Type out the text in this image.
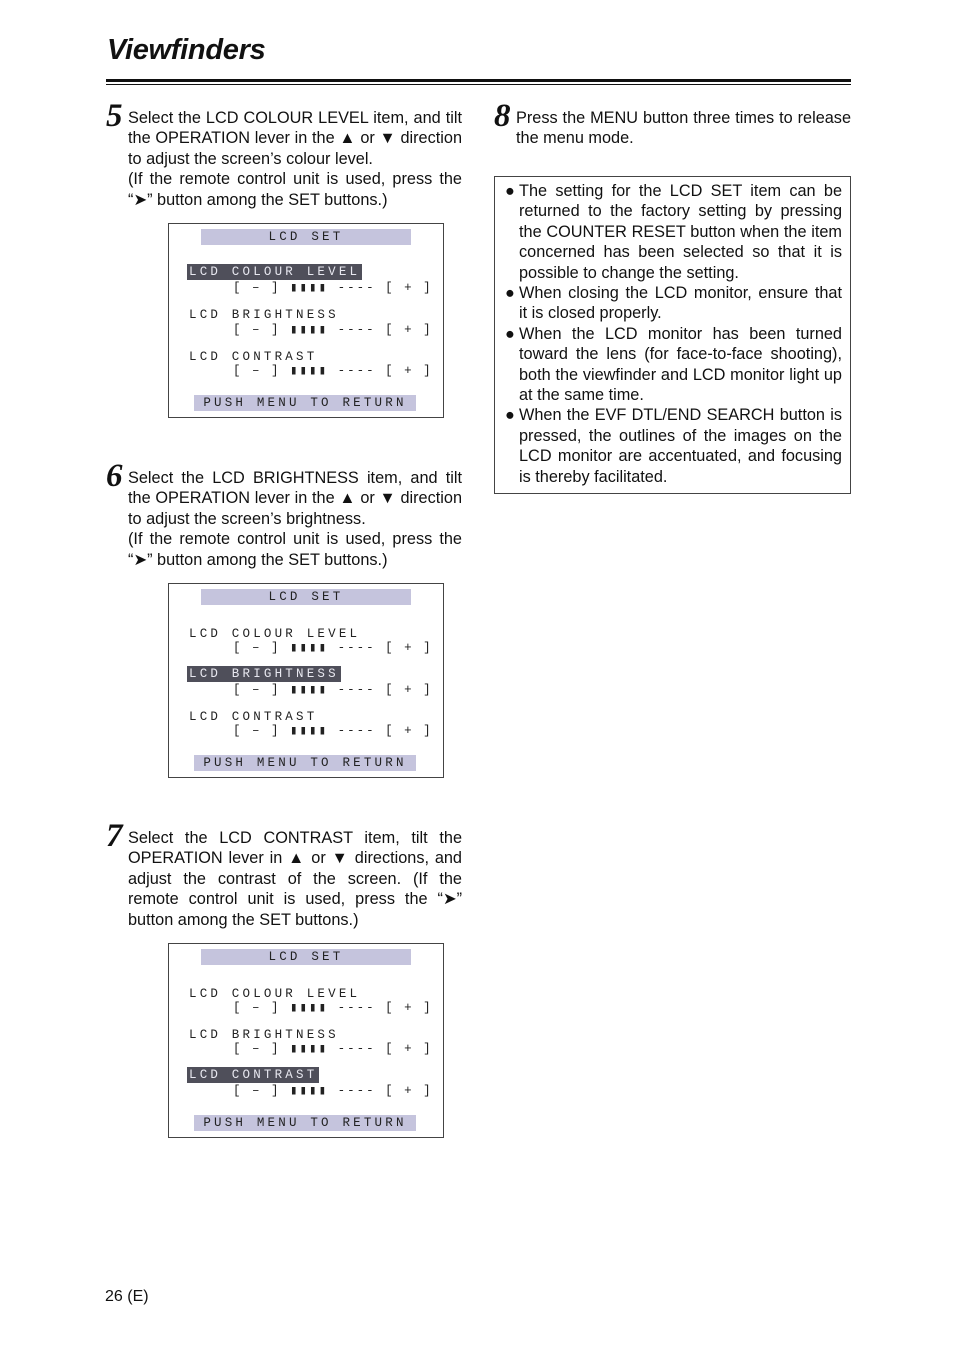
Viewfinders
5 Select the LCD COLOUR LEVEL item, and tilt the OPERATION lever in the ▲ or ▼ direction to adjust the screen’s colour level.

(If the remote control unit is used, press the “➤” button among the SET buttons.)

LCD SET
LCD COLOUR LEVEL
[ – ] ▮▮▮▮ ---- [ + ]
LCD BRIGHTNESS
[ – ] ▮▮▮▮ ---- [ + ]
LCD CONTRAST
[ – ] ▮▮▮▮ ---- [ + ]
PUSH MENU TO RETURN
6 Select the LCD BRIGHTNESS item, and tilt the OPERATION lever in the ▲ or ▼ direction to adjust the screen’s brightness.

(If the remote control unit is used, press the “➤” button among the SET buttons.)

LCD SET
LCD COLOUR LEVEL
[ – ] ▮▮▮▮ ---- [ + ]
LCD BRIGHTNESS
[ – ] ▮▮▮▮ ---- [ + ]
LCD CONTRAST
[ – ] ▮▮▮▮ ---- [ + ]
PUSH MENU TO RETURN
7 Select the LCD CONTRAST item, tilt the OPERATION lever in ▲ or ▼ directions, and adjust the contrast of the screen. (If the remote control unit is used, press the “➤” button among the SET buttons.)

LCD SET
LCD COLOUR LEVEL
[ – ] ▮▮▮▮ ---- [ + ]
LCD BRIGHTNESS
[ – ] ▮▮▮▮ ---- [ + ]
LCD CONTRAST
[ – ] ▮▮▮▮ ---- [ + ]
PUSH MENU TO RETURN
8 Press the MENU button three times to release the menu mode.

● The setting for the LCD SET item can be returned to the factory setting by pressing the COUNTER RESET button when the item concerned has been selected so that it is possible to change the setting.
● When closing the LCD monitor, ensure that it is closed properly.
● When the LCD monitor has been turned toward the lens (for face-to-face shooting), both the viewfinder and LCD monitor light up at the same time.
● When the EVF DTL/END SEARCH button is pressed, the outlines of the images on the LCD monitor are accentuated, and focusing is thereby facilitated.
26 (E)
